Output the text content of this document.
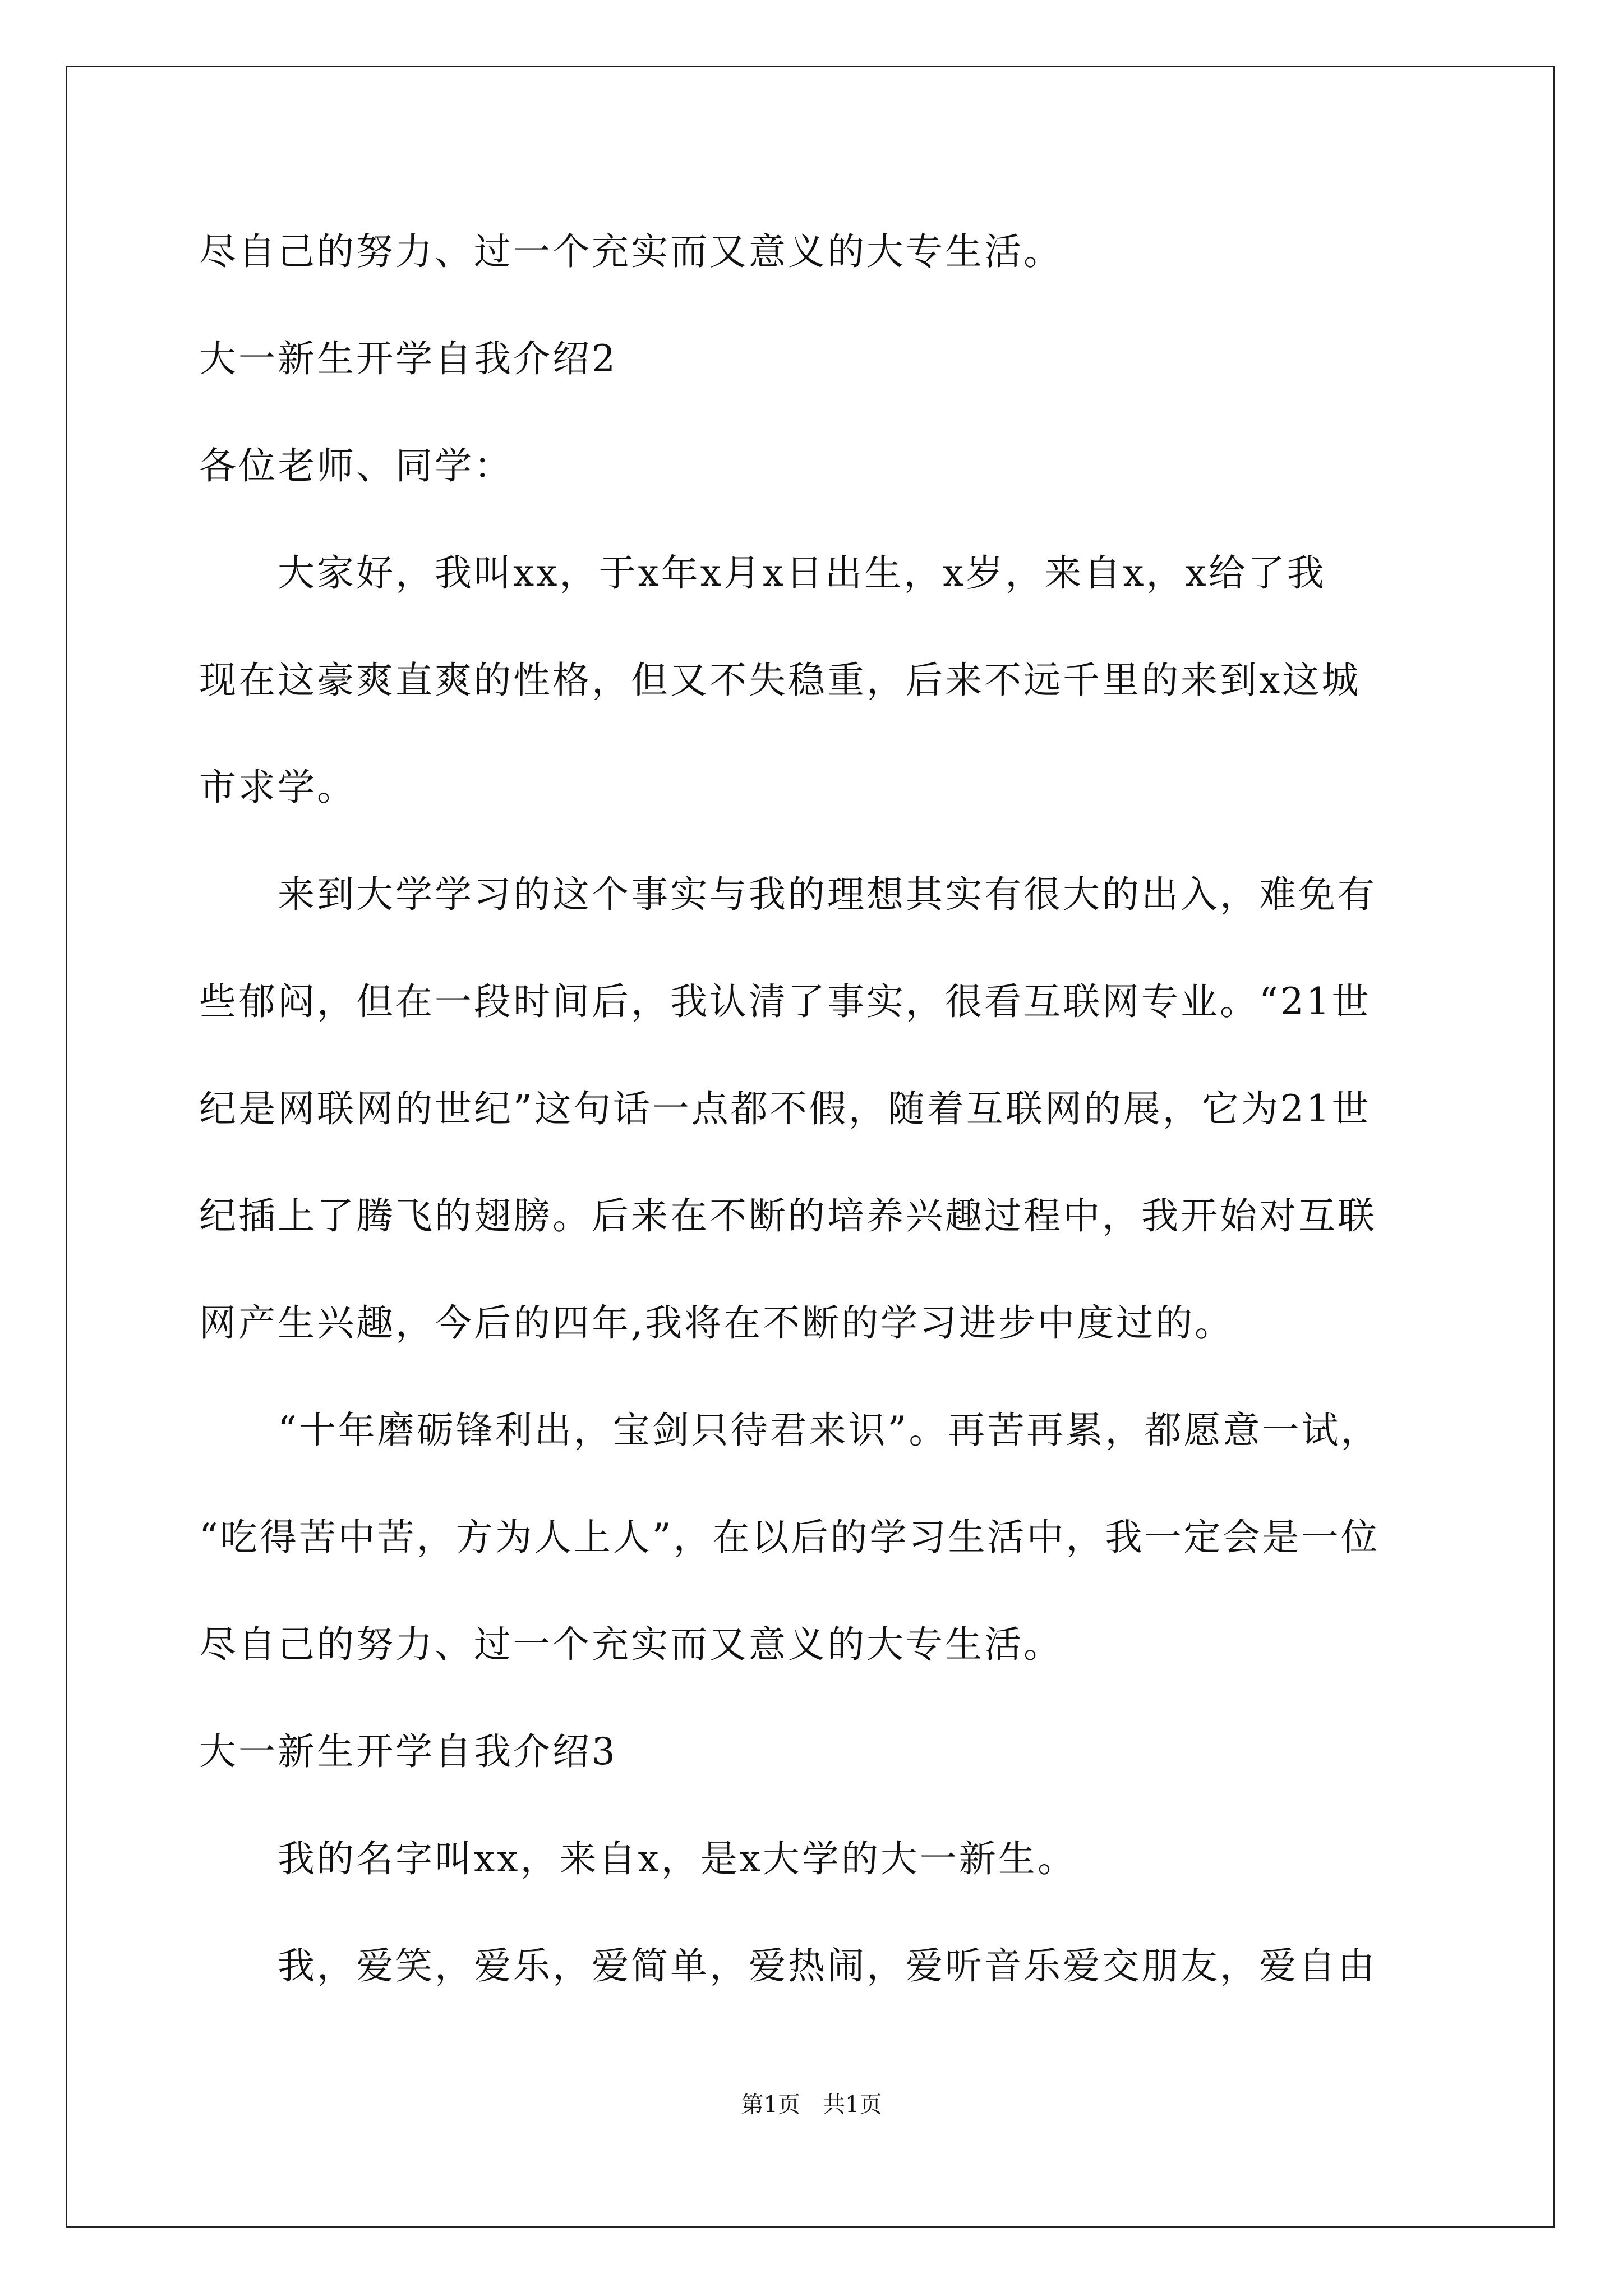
尽自己的努力、过一个充实而又意义的大专生活。
大一新生开学自我介绍2
各位老师、同学：
　　大家好，我叫xx，于x年x月x日出生，x岁，来自x，x给了我
现在这豪爽直爽的性格，但又不失稳重，后来不远千里的来到x这城
市求学。
　　来到大学学习的这个事实与我的理想其实有很大的出入，难免有
些郁闷，但在一段时间后，我认清了事实，很看互联网专业。“21世
纪是网联网的世纪”这句话一点都不假，随着互联网的展，它为21世
纪插上了腾飞的翅膀。后来在不断的培养兴趣过程中，我开始对互联
网产生兴趣，今后的四年,我将在不断的学习进步中度过的。
　　“十年磨砺锋利出，宝剑只待君来识”。再苦再累，都愿意一试，
“吃得苦中苦，方为人上人”，在以后的学习生活中，我一定会是一位
尽自己的努力、过一个充实而又意义的大专生活。
大一新生开学自我介绍3
　　我的名字叫xx，来自x，是x大学的大一新生。
　　我，爱笑，爱乐，爱简单，爱热闹，爱听音乐爱交朋友，爱自由
第1页　共1页
